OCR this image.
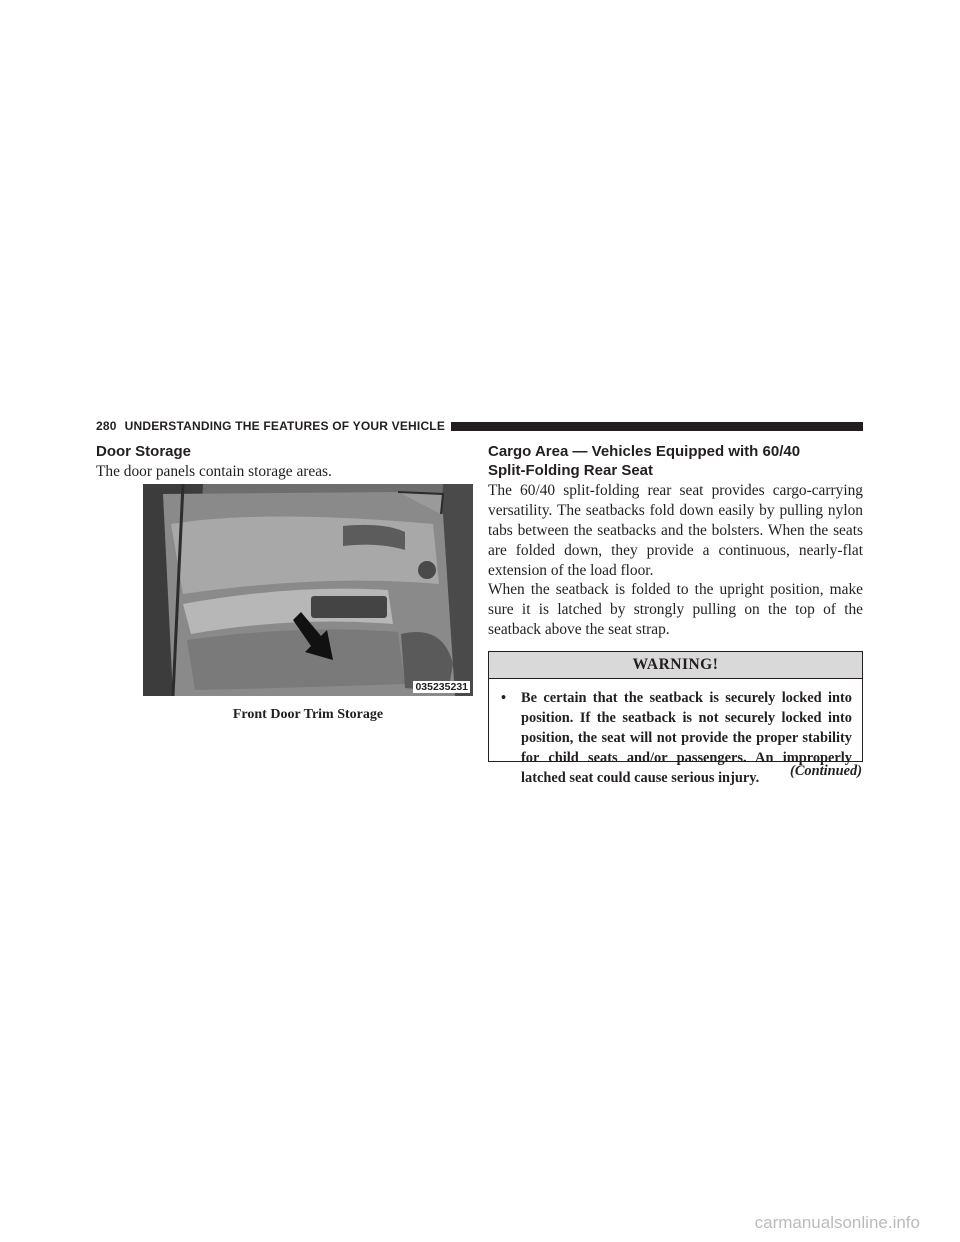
280 UNDERSTANDING THE FEATURES OF YOUR VEHICLE
Door Storage

The door panels contain storage areas.

035235231
Front Door Trim Storage
Cargo Area — Vehicles Equipped with 60/40
Split-Folding Rear Seat

The 60/40 split-folding rear seat provides cargo-carrying versatility. The seatbacks fold down easily by pulling nylon tabs between the seatbacks and the bolsters. When the seats are folded down, they provide a continuous, nearly-flat extension of the load floor.

When the seatback is folded to the upright position, make sure it is latched by strongly pulling on the top of the seatback above the seat strap.

WARNING!
• Be certain that the seatback is securely locked into position. If the seatback is not securely locked into position, the seat will not provide the proper stability for child seats and/or passengers. An improperly latched seat could cause serious injury.	(Continued)
carmanualsonline.info
